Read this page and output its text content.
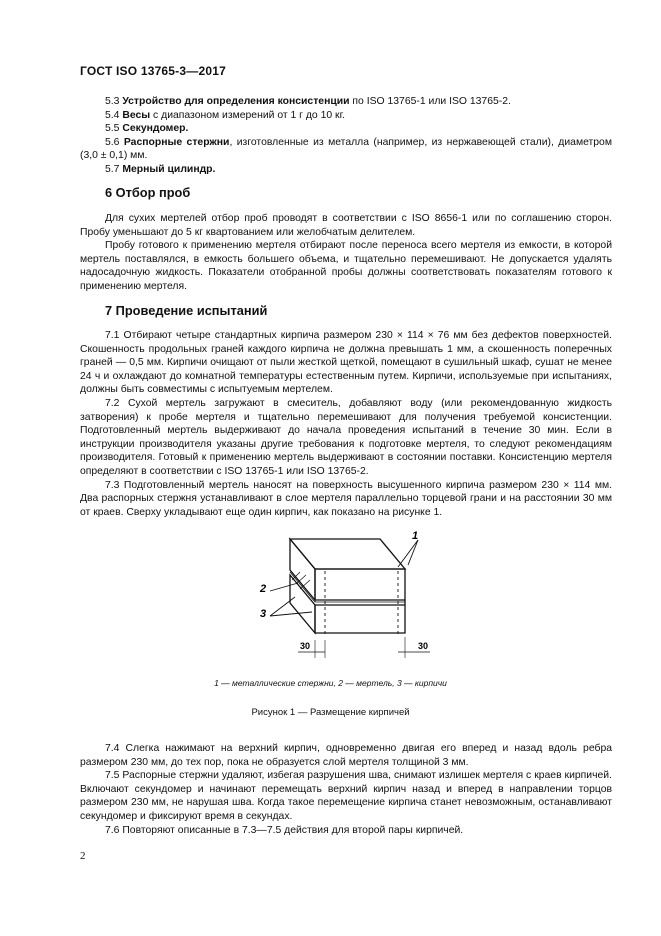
ГОСТ ISO 13765-3—2017

5.3 Устройство для определения консистенции по ISO 13765-1 или ISO 13765-2.

5.4 Весы с диапазоном измерений от 1 г до 10 кг.

5.5 Секундомер.

5.6 Распорные стержни, изготовленные из металла (например, из нержавеющей стали), диаметром (3,0 ± 0,1) мм.

5.7 Мерный цилиндр.

6 Отбор проб

Для сухих мертелей отбор проб проводят в соответствии с ISO 8656-1 или по соглашению сторон. Пробу уменьшают до 5 кг квартованием или желобчатым делителем.

Пробу готового к применению мертеля отбирают после переноса всего мертеля из емкости, в которой мертель поставлялся, в емкость большего объема, и тщательно перемешивают. Не допускается удалять надосадочную жидкость. Показатели отобранной пробы должны соответствовать показателям готового к применению мертеля.

7 Проведение испытаний

7.1 Отбирают четыре стандартных кирпича размером 230 × 114 × 76 мм без дефектов поверхностей. Скошенность продольных граней каждого кирпича не должна превышать 1 мм, а скошенность поперечных граней — 0,5 мм. Кирпичи очищают от пыли жесткой щеткой, помещают в сушильный шкаф, сушат не менее 24 ч и охлаждают до комнатной температуры естественным путем. Кирпичи, используемые при испытаниях, должны быть совместимы с испытуемым мертелем.

7.2 Сухой мертель загружают в смеситель, добавляют воду (или рекомендованную жидкость затворения) к пробе мертеля и тщательно перемешивают для получения требуемой консистенции. Подготовленный мертель выдерживают до начала проведения испытаний в течение 30 мин. Если в инструкции производителя указаны другие требования к подготовке мертеля, то следуют рекомендациям производителя. Готовый к применению мертель выдерживают в состоянии поставки. Консистенцию мертеля определяют в соответствии с ISO 13765-1 или ISO 13765-2.

7.3 Подготовленный мертель наносят на поверхность высушенного кирпича размером 230 × 114 мм. Два распорных стержня устанавливают в слое мертеля параллельно торцевой грани и на расстоянии 30 мм от краев. Сверху укладывают еще один кирпич, как показано на рисунке 1.

1
2
3
30	30
1 — металлические стержни, 2 — мертель, 3 — кирпичи
Рисунок 1 — Размещение кирпичей

7.4 Слегка нажимают на верхний кирпич, одновременно двигая его вперед и назад вдоль ребра размером 230 мм, до тех пор, пока не образуется слой мертеля толщиной 3 мм.

7.5 Распорные стержни удаляют, избегая разрушения шва, снимают излишек мертеля с краев кирпичей. Включают секундомер и начинают перемещать верхний кирпич назад и вперед в направлении торцов размером 230 мм, не нарушая шва. Когда такое перемещение кирпича станет невозможным, останавливают секундомер и фиксируют время в секундах.

7.6 Повторяют описанные в 7.3—7.5 действия для второй пары кирпичей.

2
